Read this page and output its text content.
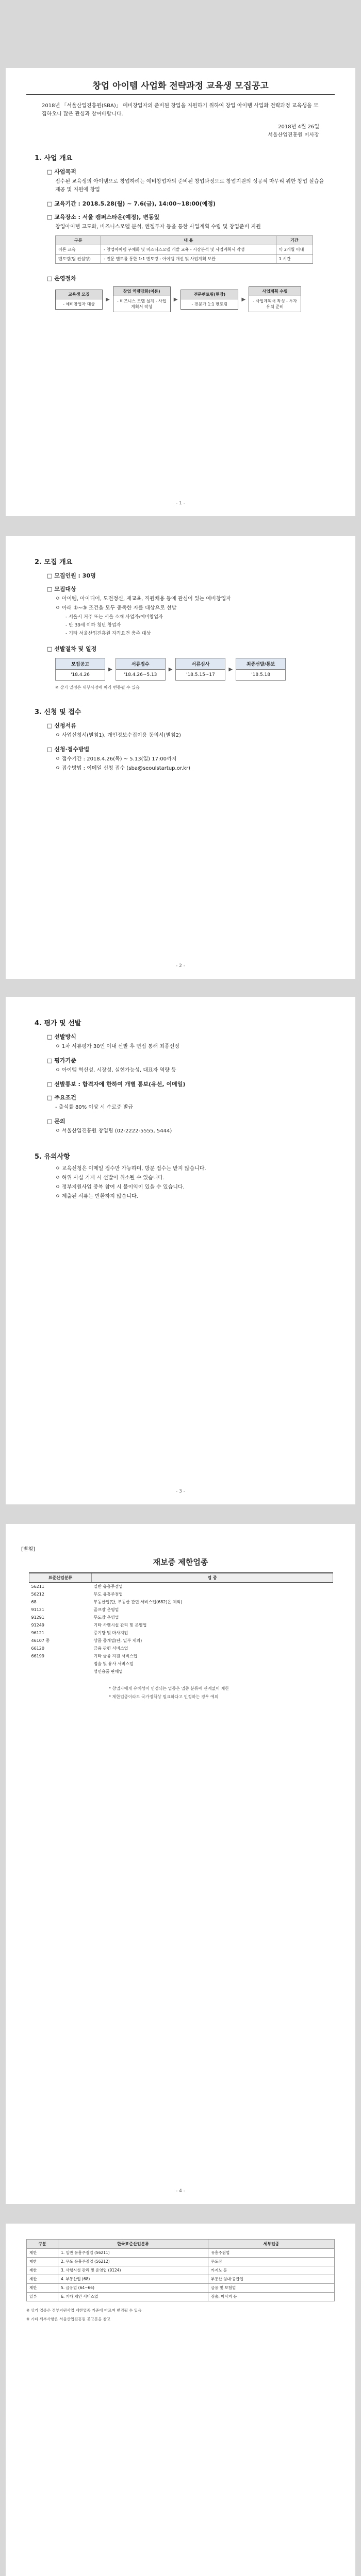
창업 아이템 사업화 전략과정 교육생 모집공고
2018년 「서울산업진흥원(SBA)」 예비창업자의 준비된 창업을 지원하기 위하여 창업 아이템 사업화 전략과정 교육생을 모집하오니 많은 관심과 참여바랍니다.
2018년 4월 26일
서울산업진흥원 이사장
1. 사업 개요
□ 사업목적
접수된 교육생의 아이템으로 창업하려는 예비창업자의 준비된 창업과정으로 창업지원의 성공적 마무리 위한 창업 실습을 제공 및 지원에 창업
□ 교육기간 : 2018.5.28(월) ~ 7.6(금), 14:00~18:00(예정)
□ 교육장소 : 서울 캠퍼스타운(예정), 변동있
창업아이템 고도화, 비즈니스모델 분석, 엔젤투자 등을 통한 사업계획 수립 및 창업준비 지원
구분	내 용	기간
이론 교육	- 창업아이템 구체화 및 비즈니스모델 개발 교육 - 시장분석 및 사업계획서 작성	약 2개월 이내
멘토링(팀 컨설팅)	- 전문 멘토를 통한 1:1 멘토링 - 아이템 개선 및 사업계획 보완	1 시간
□ 운영절차
교육생 모집
- 예비창업자 대상
▶
창업 역량강화(이론)
- 비즈니스 모델 설계 - 사업계획서 작성
▶
전문멘토링(현장)
- 전문가 1:1 멘토링
▶
사업계획 수립
- 사업계획서 작성 - 투자유치 준비
- 1 -
2. 모집 개요
□ 모집인원 : 30명
□ 모집대상
ㅇ 아이템, 아이디어, 도전정신, 재교육, 직원채용 등에 관심이 있는 예비창업자
ㅇ 아래 ①~③ 조건을 모두 충족한 자를 대상으로 선발
- 서울시 거주 또는 서울 소재 사업자/예비창업자
- 만 39세 이하 청년 창업자
- 기타 서울산업진흥원 자격요건 충족 대상
□ 선발절차 및 일정
모집공고
'18.4.26
▶
서류접수
'18.4.26~5.13
▶
서류심사
'18.5.15~17
▶
최종선발/통보
'18.5.18
※ 상기 일정은 내부사정에 따라 변동될 수 있음
3. 신청 및 접수
□ 신청서류
ㅇ 사업신청서(별첨1), 개인정보수집이용 동의서(별첨2)
□ 신청·접수방법
ㅇ 접수기간 : 2018.4.26(목) ~ 5.13(일) 17:00까지
ㅇ 접수방법 : 이메일 신청 접수 (sba@seoulstartup.or.kr)
- 2 -
4. 평가 및 선발
□ 선발방식
ㅇ 1차 서류평가 30인 이내 선발 후 면접 통해 최종선정
□ 평가기준
ㅇ 아이템 혁신성, 시장성, 실현가능성, 대표자 역량 등
□ 선발통보 : 합격자에 한하여 개별 통보(유선, 이메일)
□ 주요조건
- 출석률 80% 이상 시 수료증 발급
□ 문의
ㅇ 서울산업진흥원 창업팀 (02-2222-5555, 5444)
5. 유의사항
ㅇ 교육신청은 이메일 접수만 가능하며, 방문 접수는 받지 않습니다.
ㅇ 허위 사실 기재 시 선발이 취소될 수 있습니다.
ㅇ 정부지원사업 중복 참여 시 불이익이 있을 수 있습니다.
ㅇ 제출된 서류는 반환하지 않습니다.
- 3 -
[별첨]
재보증 제한업종
표준산업분류	업 종
56211	일반 유흥주점업
56212	무도 유흥주점업
68	부동산업(단, 부동산 관련 서비스업(682)은 제외)
91121	골프장 운영업
91291	무도장 운영업
91249	기타 사행시설 관리 및 운영업
96121	증기탕 및 마사지업
46107 중	상품 중개업(단, 일부 제외)
66120	금융 관련 서비스업
66199	기타 금융 지원 서비스업
	점술 및 유사 서비스업
	성인용품 판매업
* 창업자에게 유해성이 인정되는 업종은 업종 분류에 관계없이 제한
* 제한업종이라도 국가정책상 필요하다고 인정하는 경우 예외
- 4 -
구분	한국표준산업분류	세부업종
제한	1. 일반 유흥주점업 (56211)	유흥주점업
제한	2. 무도 유흥주점업 (56212)	무도장
제한	3. 사행시설 관리 및 운영업 (9124)	카지노 등
제한	4. 부동산업 (68)	부동산 임대·공급업
제한	5. 금융업 (64~66)	금융 및 보험업
일부	6. 기타 개인 서비스업	점술, 마사지 등
※ 상기 업종은 정부지원사업 제한업종 기준에 따르며 변경될 수 있음
※ 기타 세부사항은 서울산업진흥원 공고문을 참고
